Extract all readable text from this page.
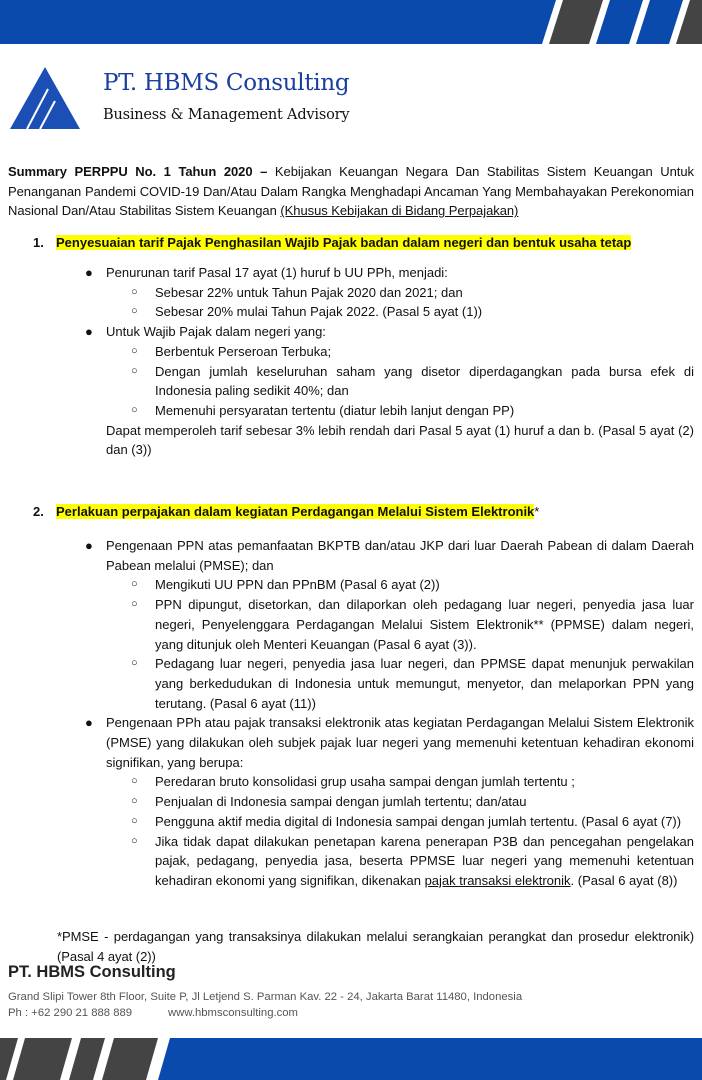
PT. HBMS Consulting
Business & Management Advisory
Summary PERPPU No. 1 Tahun 2020 – Kebijakan Keuangan Negara Dan Stabilitas Sistem Keuangan Untuk Penanganan Pandemi COVID-19 Dan/Atau Dalam Rangka Menghadapi Ancaman Yang Membahayakan Perekonomian Nasional Dan/Atau Stabilitas Sistem Keuangan (Khusus Kebijakan di Bidang Perpajakan)
1. Penyesuaian tarif Pajak Penghasilan Wajib Pajak badan dalam negeri dan bentuk usaha tetap
● Penurunan tarif Pasal 17 ayat (1) huruf b UU PPh, menjadi:
○ Sebesar 22% untuk Tahun Pajak 2020 dan 2021; dan
○ Sebesar 20% mulai Tahun Pajak 2022. (Pasal 5 ayat (1))
● Untuk Wajib Pajak dalam negeri yang:
○ Berbentuk Perseroan Terbuka;
○ Dengan jumlah keseluruhan saham yang disetor diperdagangkan pada bursa efek di Indonesia paling sedikit 40%; dan
○ Memenuhi persyaratan tertentu (diatur lebih lanjut dengan PP)
Dapat memperoleh tarif sebesar 3% lebih rendah dari Pasal 5 ayat (1) huruf a dan b. (Pasal 5 ayat (2) dan (3))
2. Perlakuan perpajakan dalam kegiatan Perdagangan Melalui Sistem Elektronik*
● Pengenaan PPN atas pemanfaatan BKPTB dan/atau JKP dari luar Daerah Pabean di dalam Daerah Pabean melalui (PMSE); dan
○ Mengikuti UU PPN dan PPnBM (Pasal 6 ayat (2))
○ PPN dipungut, disetorkan, dan dilaporkan oleh pedagang luar negeri, penyedia jasa luar negeri, Penyelenggara Perdagangan Melalui Sistem Elektronik** (PPMSE) dalam negeri, yang ditunjuk oleh Menteri Keuangan (Pasal 6 ayat (3)).
○ Pedagang luar negeri, penyedia jasa luar negeri, dan PPMSE dapat menunjuk perwakilan yang berkedudukan di Indonesia untuk memungut, menyetor, dan melaporkan PPN yang terutang. (Pasal 6 ayat (11))
● Pengenaan PPh atau pajak transaksi elektronik atas kegiatan Perdagangan Melalui Sistem Elektronik (PMSE) yang dilakukan oleh subjek pajak luar negeri yang memenuhi ketentuan kehadiran ekonomi signifikan, yang berupa:
○ Peredaran bruto konsolidasi grup usaha sampai dengan jumlah tertentu ;
○ Penjualan di Indonesia sampai dengan jumlah tertentu; dan/atau
○ Pengguna aktif media digital di Indonesia sampai dengan jumlah tertentu. (Pasal 6 ayat (7))
○ Jika tidak dapat dilakukan penetapan karena penerapan P3B dan pencegahan pengelakan pajak, pedagang, penyedia jasa, beserta PPMSE luar negeri yang memenuhi ketentuan kehadiran ekonomi yang signifikan, dikenakan pajak transaksi elektronik. (Pasal 6 ayat (8))
*PMSE - perdagangan yang transaksinya dilakukan melalui serangkaian perangkat dan prosedur elektronik) (Pasal 4 ayat (2))
PT. HBMS Consulting
Grand Slipi Tower 8th Floor, Suite P, Jl Letjend S. Parman Kav. 22 - 24, Jakarta Barat 11480, Indonesia
Ph : +62 290 21 888 889	www.hbmsconsulting.com
